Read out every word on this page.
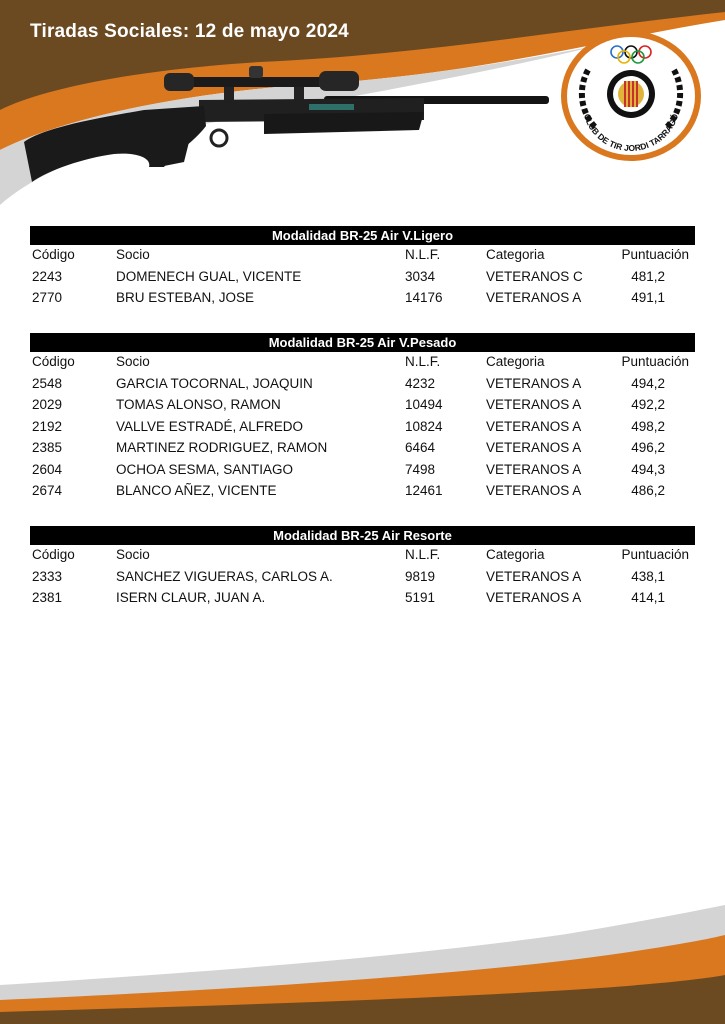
Tiradas Sociales: 12 de mayo 2024
CLUB DE TIR JORDI TARRAGÓ
Modalidad BR-25 Air V.Ligero
Código	Socio	N.L.F.	Categoria	Puntuación
2243	DOMENECH GUAL, VICENTE	3034	VETERANOS C	481,2
2770	BRU ESTEBAN, JOSE	14176	VETERANOS A	491,1
Modalidad BR-25 Air V.Pesado
Código	Socio	N.L.F.	Categoria	Puntuación
2548	GARCIA TOCORNAL, JOAQUIN	4232	VETERANOS A	494,2
2029	TOMAS ALONSO, RAMON	10494	VETERANOS A	492,2
2192	VALLVE ESTRADÉ, ALFREDO	10824	VETERANOS A	498,2
2385	MARTINEZ RODRIGUEZ, RAMON	6464	VETERANOS A	496,2
2604	OCHOA SESMA, SANTIAGO	7498	VETERANOS A	494,3
2674	BLANCO AÑEZ, VICENTE	12461	VETERANOS A	486,2
Modalidad BR-25 Air Resorte
Código	Socio	N.L.F.	Categoria	Puntuación
2333	SANCHEZ VIGUERAS, CARLOS A.	9819	VETERANOS A	438,1
2381	ISERN CLAUR, JUAN A.	5191	VETERANOS A	414,1
